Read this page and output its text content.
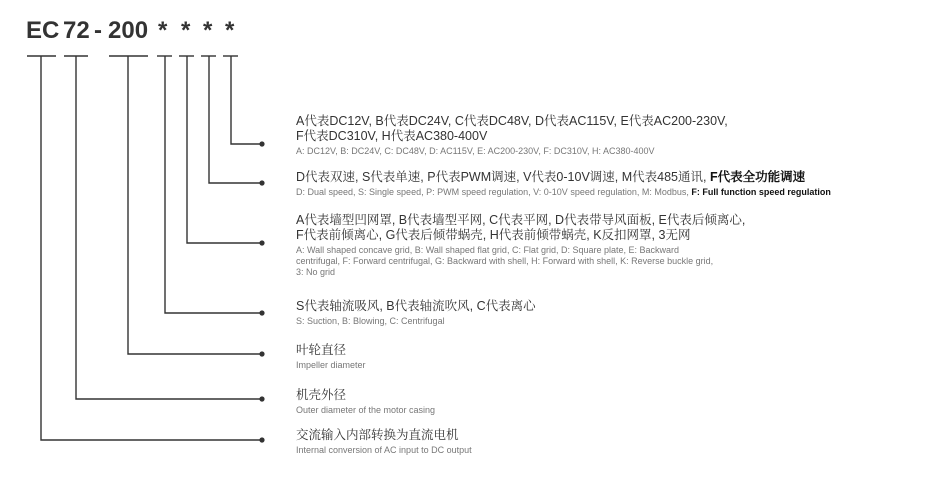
EC 72 - 200 * * * *
A代表DC12V, B代表DC24V, C代表DC48V, D代表AC115V, E代表AC200-230V,
F代表DC310V, H代表AC380-400V
A: DC12V, B: DC24V, C: DC48V, D: AC115V, E: AC200-230V, F: DC310V, H: AC380-400V
D代表双速, S代表单速, P代表PWM调速, V代表0-10V调速, M代表485通讯, F代表全功能调速
D: Dual speed, S: Single speed, P: PWM speed regulation, V: 0-10V speed regulation, M: Modbus, F: Full function speed regulation
A代表墙型凹网罩, B代表墙型平网, C代表平网, D代表带导风面板, E代表后倾离心,
F代表前倾离心, G代表后倾带蜗壳, H代表前倾带蜗壳, K反扣网罩, 3无网
A: Wall shaped concave grid, B: Wall shaped flat grid, C: Flat grid, D: Square plate, E: Backward
centrifugal, F: Forward centrifugal, G: Backward with shell, H: Forward with shell, K: Reverse buckle grid,
3: No grid
S代表轴流吸风, B代表轴流吹风, C代表离心
S: Suction, B: Blowing, C: Centrifugal
叶轮直径
Impeller diameter
机壳外径
Outer diameter of the motor casing
交流输入内部转换为直流电机
Internal conversion of AC input to DC output
